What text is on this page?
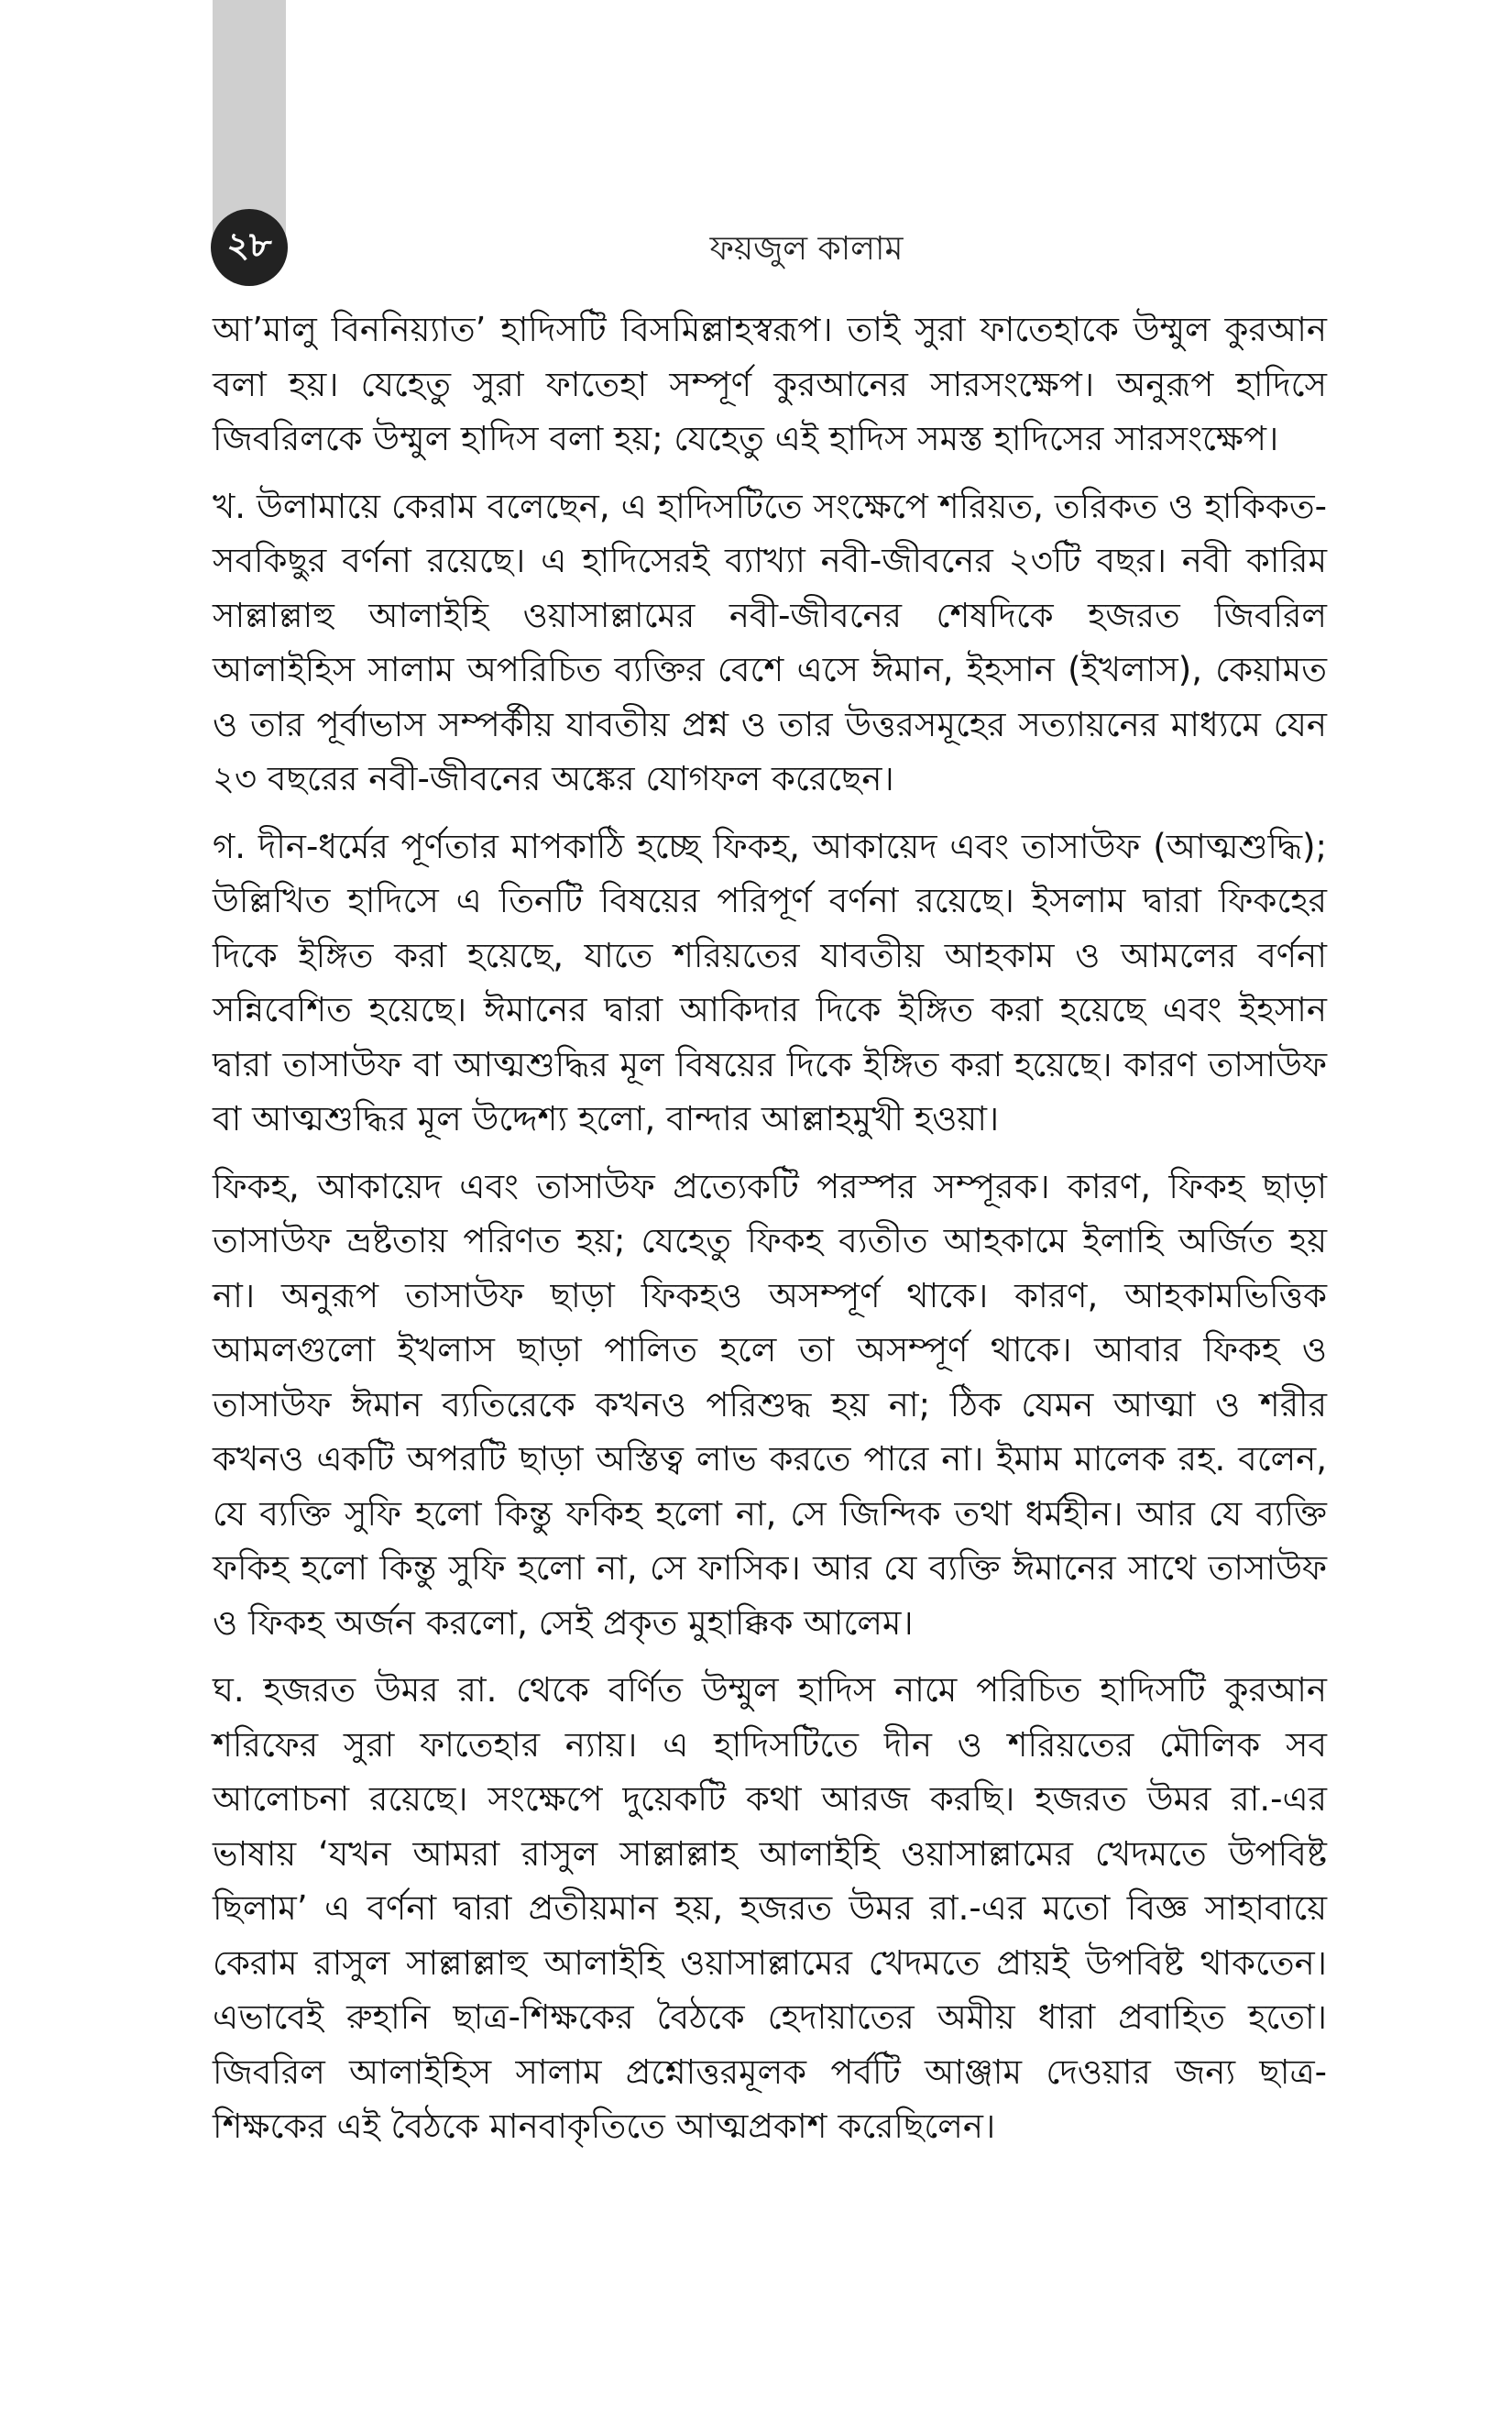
২৮	ফয়জুল কালাম

আ’মালু বিননিয়্যাত’ হাদিসটি বিসমিল্লাহস্বরূপ। তাই সুরা ফাতেহাকে উম্মুল কুরআন বলা হয়। যেহেতু সুরা ফাতেহা সম্পূর্ণ কুরআনের সারসংক্ষেপ। অনুরূপ হাদিসে জিবরিলকে উম্মুল হাদিস বলা হয়; যেহেতু এই হাদিস সমস্ত হাদিসের সারসংক্ষেপ।

খ. উলামায়ে কেরাম বলেছেন, এ হাদিসটিতে সংক্ষেপে শরিয়ত, তরিকত ও হাকিকত-সবকিছুর বর্ণনা রয়েছে। এ হাদিসেরই ব্যাখ্যা নবী-জীবনের ২৩টি বছর। নবী কারিম সাল্লাল্লাহু আলাইহি ওয়াসাল্লামের নবী-জীবনের শেষদিকে হজরত জিবরিল আলাইহিস সালাম অপরিচিত ব্যক্তির বেশে এসে ঈমান, ইহসান (ইখলাস), কেয়ামত ও তার পূর্বাভাস সম্পর্কীয় যাবতীয় প্রশ্ন ও তার উত্তরসমূহের সত্যায়নের মাধ্যমে যেন ২৩ বছরের নবী-জীবনের অঙ্কের যোগফল করেছেন।

গ. দীন-ধর্মের পূর্ণতার মাপকাঠি হচ্ছে ফিকহ, আকায়েদ এবং তাসাউফ (আত্মশুদ্ধি); উল্লিখিত হাদিসে এ তিনটি বিষয়ের পরিপূর্ণ বর্ণনা রয়েছে। ইসলাম দ্বারা ফিকহের দিকে ইঙ্গিত করা হয়েছে, যাতে শরিয়তের যাবতীয় আহকাম ও আমলের বর্ণনা সন্নিবেশিত হয়েছে। ঈমানের দ্বারা আকিদার দিকে ইঙ্গিত করা হয়েছে এবং ইহসান দ্বারা তাসাউফ বা আত্মশুদ্ধির মূল বিষয়ের দিকে ইঙ্গিত করা হয়েছে। কারণ তাসাউফ বা আত্মশুদ্ধির মূল উদ্দেশ্য হলো, বান্দার আল্লাহমুখী হওয়া।

ফিকহ, আকায়েদ এবং তাসাউফ প্রত্যেকটি পরস্পর সম্পূরক। কারণ, ফিকহ ছাড়া তাসাউফ ভ্রষ্টতায় পরিণত হয়; যেহেতু ফিকহ ব্যতীত আহকামে ইলাহি অর্জিত হয় না। অনুরূপ তাসাউফ ছাড়া ফিকহও অসম্পূর্ণ থাকে। কারণ, আহকামভিত্তিক আমলগুলো ইখলাস ছাড়া পালিত হলে তা অসম্পূর্ণ থাকে। আবার ফিকহ ও তাসাউফ ঈমান ব্যতিরেকে কখনও পরিশুদ্ধ হয় না; ঠিক যেমন আত্মা ও শরীর কখনও একটি অপরটি ছাড়া অস্তিত্ব লাভ করতে পারে না। ইমাম মালেক রহ. বলেন, যে ব্যক্তি সুফি হলো কিন্তু ফকিহ হলো না, সে জিন্দিক তথা ধর্মহীন। আর যে ব্যক্তি ফকিহ হলো কিন্তু সুফি হলো না, সে ফাসিক। আর যে ব্যক্তি ঈমানের সাথে তাসাউফ ও ফিকহ অর্জন করলো, সেই প্রকৃত মুহাক্কিক আলেম।

ঘ. হজরত উমর রা. থেকে বর্ণিত উম্মুল হাদিস নামে পরিচিত হাদিসটি কুরআন শরিফের সুরা ফাতেহার ন্যায়। এ হাদিসটিতে দীন ও শরিয়তের মৌলিক সব আলোচনা রয়েছে। সংক্ষেপে দুয়েকটি কথা আরজ করছি। হজরত উমর রা.-এর ভাষায় ‘যখন আমরা রাসুল সাল্লাল্লাহ আলাইহি ওয়াসাল্লামের খেদমতে উপবিষ্ট ছিলাম’ এ বর্ণনা দ্বারা প্রতীয়মান হয়, হজরত উমর রা.-এর মতো বিজ্ঞ সাহাবায়ে কেরাম রাসুল সাল্লাল্লাহু আলাইহি ওয়াসাল্লামের খেদমতে প্রায়ই উপবিষ্ট থাকতেন। এভাবেই রুহানি ছাত্র-শিক্ষকের বৈঠকে হেদায়াতের অমীয় ধারা প্রবাহিত হতো। জিবরিল আলাইহিস সালাম প্রশ্নোত্তরমূলক পর্বটি আঞ্জাম দেওয়ার জন্য ছাত্র-শিক্ষকের এই বৈঠকে মানবাকৃতিতে আত্মপ্রকাশ করেছিলেন।
